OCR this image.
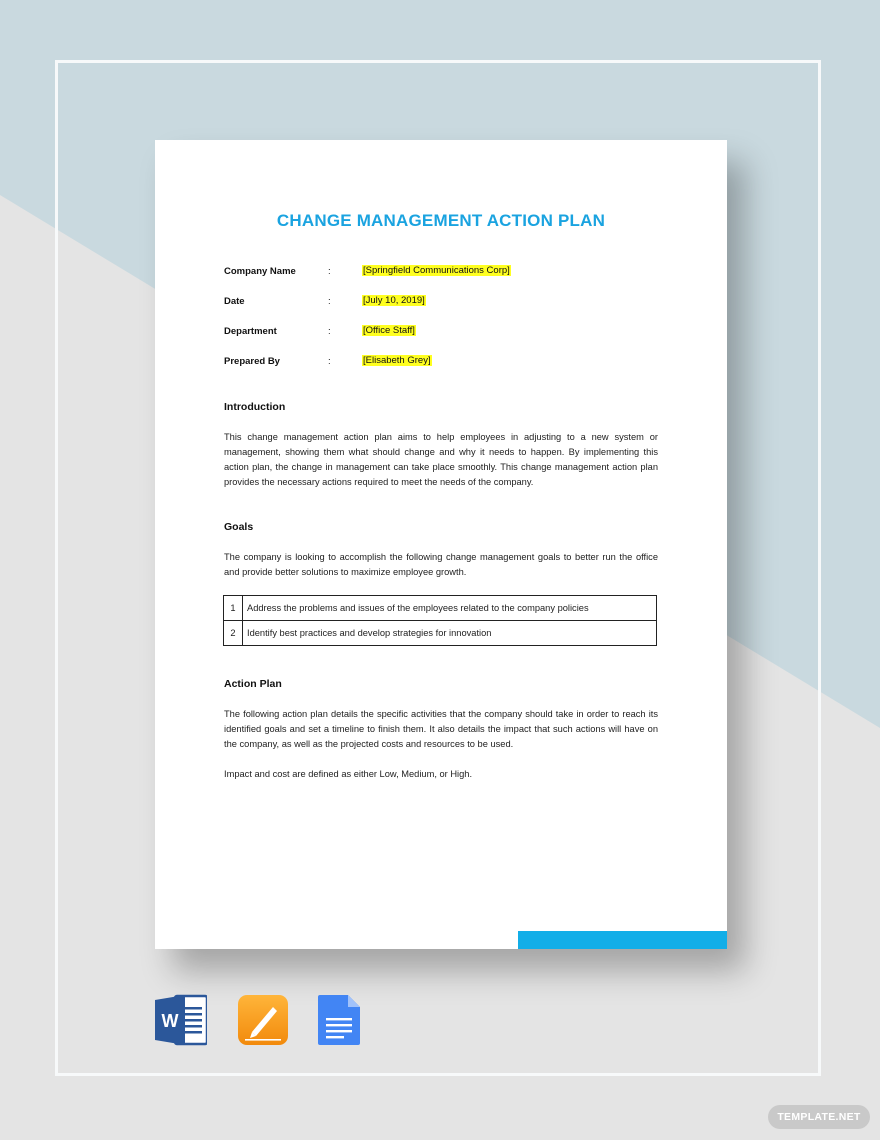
CHANGE MANAGEMENT ACTION PLAN
Company Name	:	[Springfield Communications Corp]
Date	:	[July 10, 2019]
Department	:	[Office Staff]
Prepared By	:	[Elisabeth Grey]
Introduction

This change management action plan aims to help employees in adjusting to a new system or management, showing them what should change and why it needs to happen. By implementing this action plan, the change in management can take place smoothly. This change management action plan provides the necessary actions required to meet the needs of the company.

Goals

The company is looking to accomplish the following change management goals to better run the office and provide better solutions to maximize employee growth.

1	Address the problems and issues of the employees related to the company policies
2	Identify best practices and develop strategies for innovation
Action Plan

The following action plan details the specific activities that the company should take in order to reach its identified goals and set a timeline to finish them. It also details the impact that such actions will have on the company, as well as the projected costs and resources to be used.

Impact and cost are defined as either Low, Medium, or High.

W
TEMPLATE.NET
